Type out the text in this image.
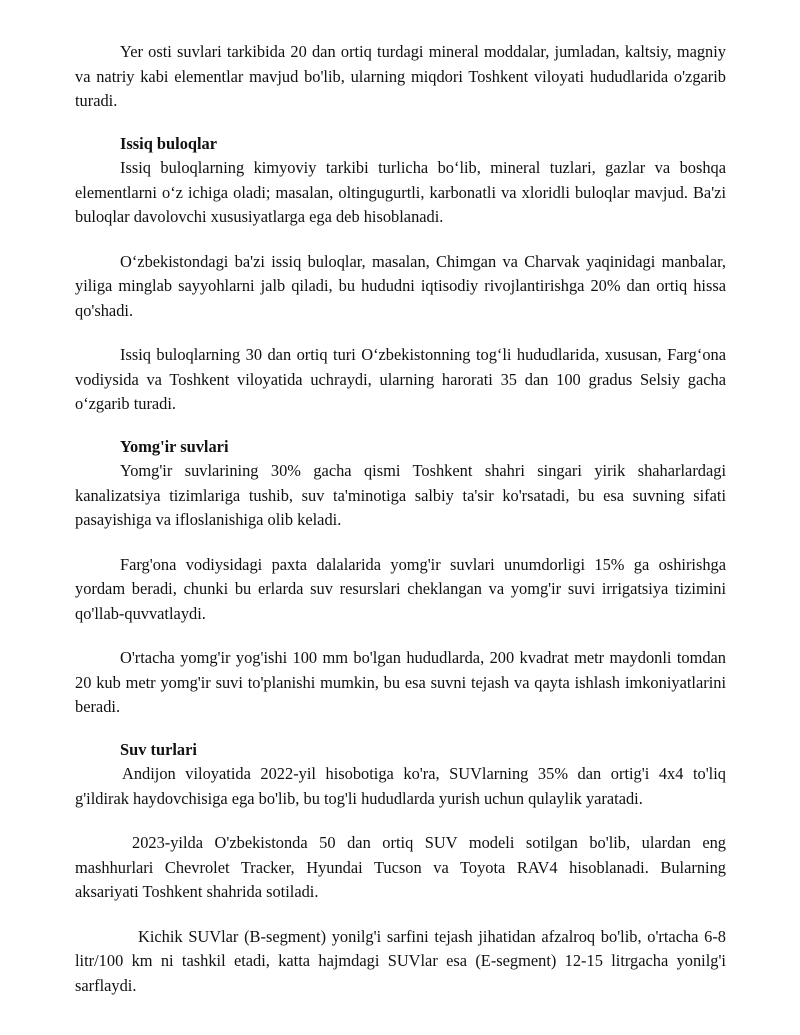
Yer osti suvlari tarkibida 20 dan ortiq turdagi mineral moddalar, jumladan, kaltsiy, magniy va natriy kabi elementlar mavjud bo'lib, ularning miqdori Toshkent viloyati hududlarida o'zgarib turadi.

Issiq buloqlar

Issiq buloqlarning kimyoviy tarkibi turlicha bo‘lib, mineral tuzlari, gazlar va boshqa elementlarni o‘z ichiga oladi; masalan, oltingugurtli, karbonatli va xloridli buloqlar mavjud. Ba'zi buloqlar davolovchi xususiyatlarga ega deb hisoblanadi.

O‘zbekistondagi ba'zi issiq buloqlar, masalan, Chimgan va Charvak yaqinidagi manbalar, yiliga minglab sayyohlarni jalb qiladi, bu hududni iqtisodiy rivojlantirishga 20% dan ortiq hissa qo'shadi.

Issiq buloqlarning 30 dan ortiq turi O‘zbekistonning tog‘li hududlarida, xususan, Farg‘ona vodiysida va Toshkent viloyatida uchraydi, ularning harorati 35 dan 100 gradus Selsiy gacha o‘zgarib turadi.

Yomg'ir suvlari

Yomg'ir suvlarining 30% gacha qismi Toshkent shahri singari yirik shaharlardagi kanalizatsiya tizimlariga tushib, suv ta'minotiga salbiy ta'sir ko'rsatadi, bu esa suvning sifati pasayishiga va ifloslanishiga olib keladi.

Farg'ona vodiysidagi paxta dalalarida yomg'ir suvlari unumdorligi 15% ga oshirishga yordam beradi, chunki bu erlarda suv resurslari cheklangan va yomg'ir suvi irrigatsiya tizimini qo'llab-quvvatlaydi.

O'rtacha yomg'ir yog'ishi 100 mm bo'lgan hududlarda, 200 kvadrat metr maydonli tomdan 20 kub metr yomg'ir suvi to'planishi mumkin, bu esa suvni tejash va qayta ishlash imkoniyatlarini beradi.

Suv turlari

Andijon viloyatida 2022-yil hisobotiga ko'ra, SUVlarning 35% dan ortig'i 4x4 to'liq g'ildirak haydovchisiga ega bo'lib, bu tog'li hududlarda yurish uchun qulaylik yaratadi.

2023-yilda O'zbekistonda 50 dan ortiq SUV modeli sotilgan bo'lib, ulardan eng mashhurlari Chevrolet Tracker, Hyundai Tucson va Toyota RAV4 hisoblanadi. Bularning aksariyati Toshkent shahrida sotiladi.

Kichik SUVlar (B-segment) yonilg'i sarfini tejash jihatidan afzalroq bo'lib, o'rtacha 6-8 litr/100 km ni tashkil etadi, katta hajmdagi SUVlar esa (E-segment) 12-15 litrgacha yonilg'i sarflaydi.
